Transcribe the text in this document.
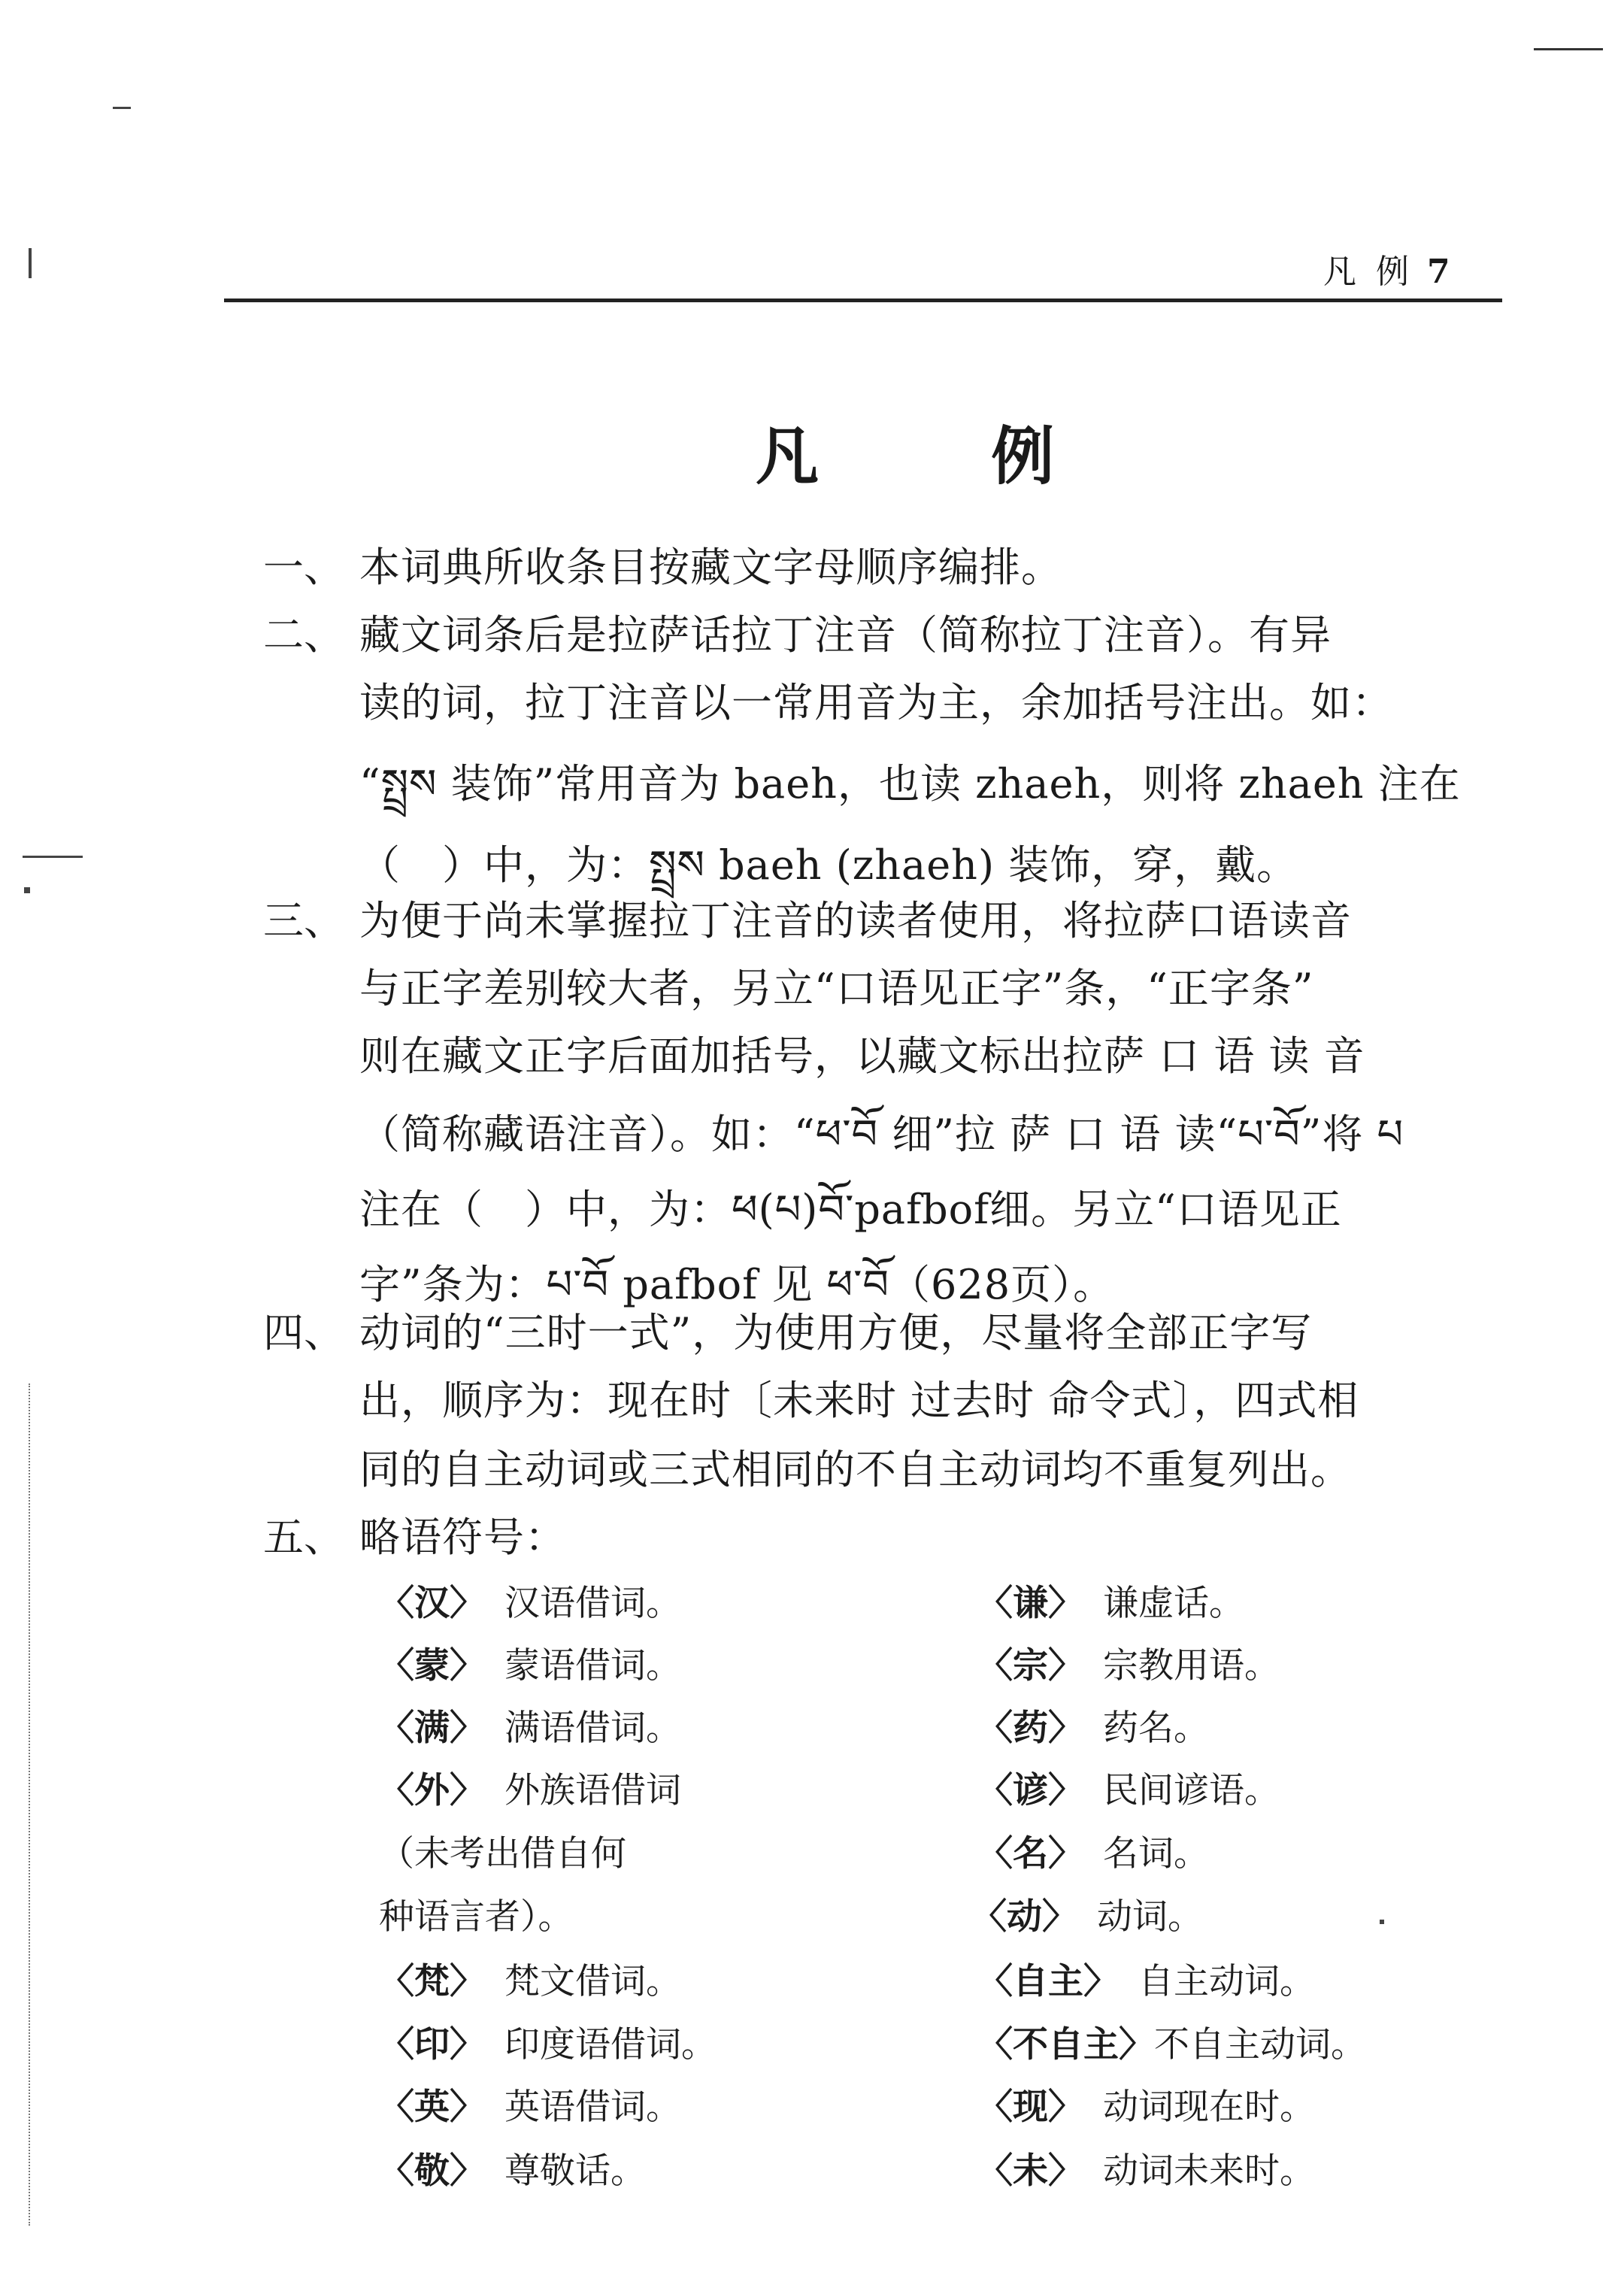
凡 例 7
凡 例
一、 本词典所收条目按藏文字母顺序编排。
二、 藏文词条后是拉萨话拉丁注音（简称拉丁注音）。有异
读的词，拉丁注音以一常用音为主，余加括号注出。如：
“སྤྲས 装饰”常用音为 baeh，也读 zhaeh，则将 zhaeh 注在
（　）中，为：སྤྲས baeh (zhaeh) 装饰，穿，戴。
三、 为便于尚未掌握拉丁注音的读者使用，将拉萨口语读音
与正字差别较大者，另立“口语见正字”条，“正字条”
则在藏文正字后面加括号，以藏文标出拉萨 口 语 读 音
（简称藏语注音）。如：“ཕ་བོ 细”拉 萨 口 语 读“པ་བོ”将 པ
注在（　）中，为：ཕ(པ)བོ་pafbof细。另立“口语见正
字”条为：པ་བོ pafbof 见 ཕ་བོ（628页）。
四、 动词的“三时一式”，为使用方便，尽量将全部正字写
出，顺序为：现在时〔未来时 过去时 命令式〕，四式相
同的自主动词或三式相同的不自主动词均不重复列出。
五、 略语符号：
〈汉〉 汉语借词。
〈蒙〉 蒙语借词。
〈满〉 满语借词。
〈外〉 外族语借词
（未考出借自何
种语言者）。
〈梵〉 梵文借词。
〈印〉 印度语借词。
〈英〉 英语借词。
〈敬〉 尊敬话。
〈谦〉 谦虚话。
〈宗〉 宗教用语。
〈药〉 药名。
〈谚〉 民间谚语。
〈名〉 名词。
〈动〉 动词。
〈自主〉 自主动词。
〈不自主〉不自主动词。
〈现〉 动词现在时。
〈未〉 动词未来时。
